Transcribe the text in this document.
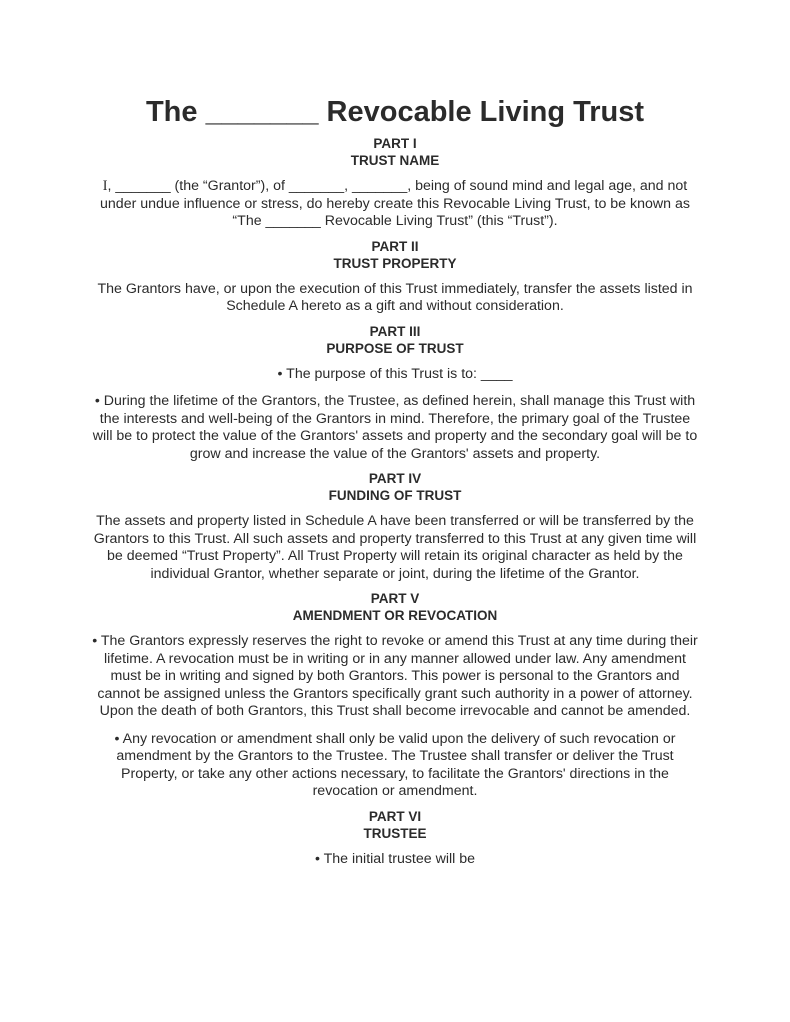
The _______ Revocable Living Trust
PART I
TRUST NAME

I, _______ (the “Grantor”), of _______, _______, being of sound mind and legal age, and not under undue influence or stress, do hereby create this Revocable Living Trust, to be known as “The _______ Revocable Living Trust” (this “Trust”).

PART II
TRUST PROPERTY

The Grantors have, or upon the execution of this Trust immediately, transfer the assets listed in Schedule A hereto as a gift and without consideration.

PART III
PURPOSE OF TRUST

• The purpose of this Trust is to: ____

• During the lifetime of the Grantors, the Trustee, as defined herein, shall manage this Trust with the interests and well-being of the Grantors in mind. Therefore, the primary goal of the Trustee will be to protect the value of the Grantors' assets and property and the secondary goal will be to grow and increase the value of the Grantors' assets and property.

PART IV
FUNDING OF TRUST

The assets and property listed in Schedule A have been transferred or will be transferred by the Grantors to this Trust. All such assets and property transferred to this Trust at any given time will be deemed “Trust Property”. All Trust Property will retain its original character as held by the individual Grantor, whether separate or joint, during the lifetime of the Grantor.

PART V
AMENDMENT OR REVOCATION

• The Grantors expressly reserves the right to revoke or amend this Trust at any time during their lifetime. A revocation must be in writing or in any manner allowed under law. Any amendment must be in writing and signed by both Grantors. This power is personal to the Grantors and cannot be assigned unless the Grantors specifically grant such authority in a power of attorney. Upon the death of both Grantors, this Trust shall become irrevocable and cannot be amended.

• Any revocation or amendment shall only be valid upon the delivery of such revocation or amendment by the Grantors to the Trustee. The Trustee shall transfer or deliver the Trust Property, or take any other actions necessary, to facilitate the Grantors' directions in the revocation or amendment.

PART VI
TRUSTEE

• The initial trustee will be
